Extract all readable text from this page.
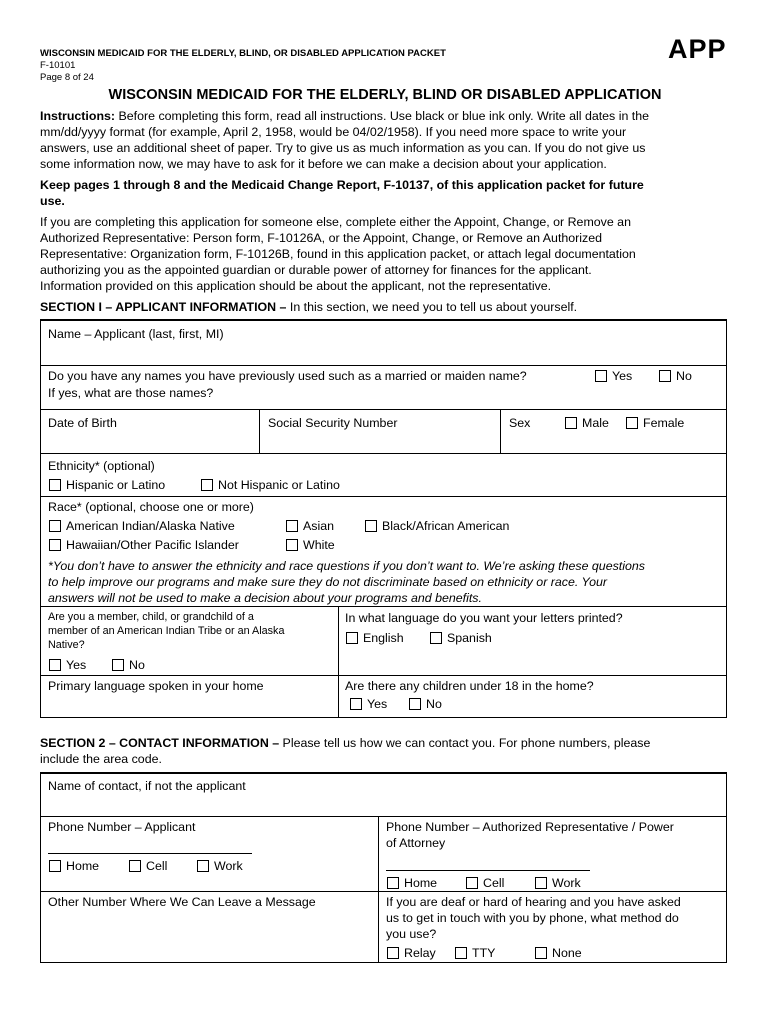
WISCONSIN MEDICAID FOR THE ELDERLY, BLIND, OR DISABLED APPLICATION PACKET
F-10101
Page 8 of 24
APP
WISCONSIN MEDICAID FOR THE ELDERLY, BLIND OR DISABLED APPLICATION
Instructions: Before completing this form, read all instructions. Use black or blue ink only. Write all dates in the
mm/dd/yyyy format (for example, April 2, 1958, would be 04/02/1958). If you need more space to write your
answers, use an additional sheet of paper. Try to give us as much information as you can. If you do not give us
some information now, we may have to ask for it before we can make a decision about your application.
Keep pages 1 through 8 and the Medicaid Change Report, F-10137, of this application packet for future
use.
If you are completing this application for someone else, complete either the Appoint, Change, or Remove an
Authorized Representative: Person form, F-10126A, or the Appoint, Change, or Remove an Authorized
Representative: Organization form, F-10126B, found in this application packet, or attach legal documentation
authorizing you as the appointed guardian or durable power of attorney for finances for the applicant.
Information provided on this application should be about the applicant, not the representative.
SECTION I – APPLICANT INFORMATION – In this section, we need you to tell us about yourself.
Name – Applicant (last, first, MI)
Do you have any names you have previously used such as a married or maiden name?	Yes	No
If yes, what are those names?
Date of Birth	Social Security Number	Sex	Male	Female
Ethnicity* (optional)
Hispanic or Latino	Not Hispanic or Latino
Race* (optional, choose one or more)
American Indian/Alaska Native	Asian	Black/African American
Hawaiian/Other Pacific Islander	White
*You don’t have to answer the ethnicity and race questions if you don’t want to. We’re asking these questions
to help improve our programs and make sure they do not discriminate based on ethnicity or race. Your
answers will not be used to make a decision about your programs and benefits.
Are you a member, child, or grandchild of a
member of an American Indian Tribe or an Alaska
Native?
Yes	No
In what language do you want your letters printed?
English	Spanish
Primary language spoken in your home	Are there any children under 18 in the home?
Yes	No
SECTION 2 – CONTACT INFORMATION – Please tell us how we can contact you. For phone numbers, please
include the area code.
Name of contact, if not the applicant
Phone Number – Applicant
Home	Cell	Work
Phone Number – Authorized Representative / Power
of Attorney
Home	Cell	Work
Other Number Where We Can Leave a Message	If you are deaf or hard of hearing and you have asked
us to get in touch with you by phone, what method do
you use?
Relay	TTY	None
